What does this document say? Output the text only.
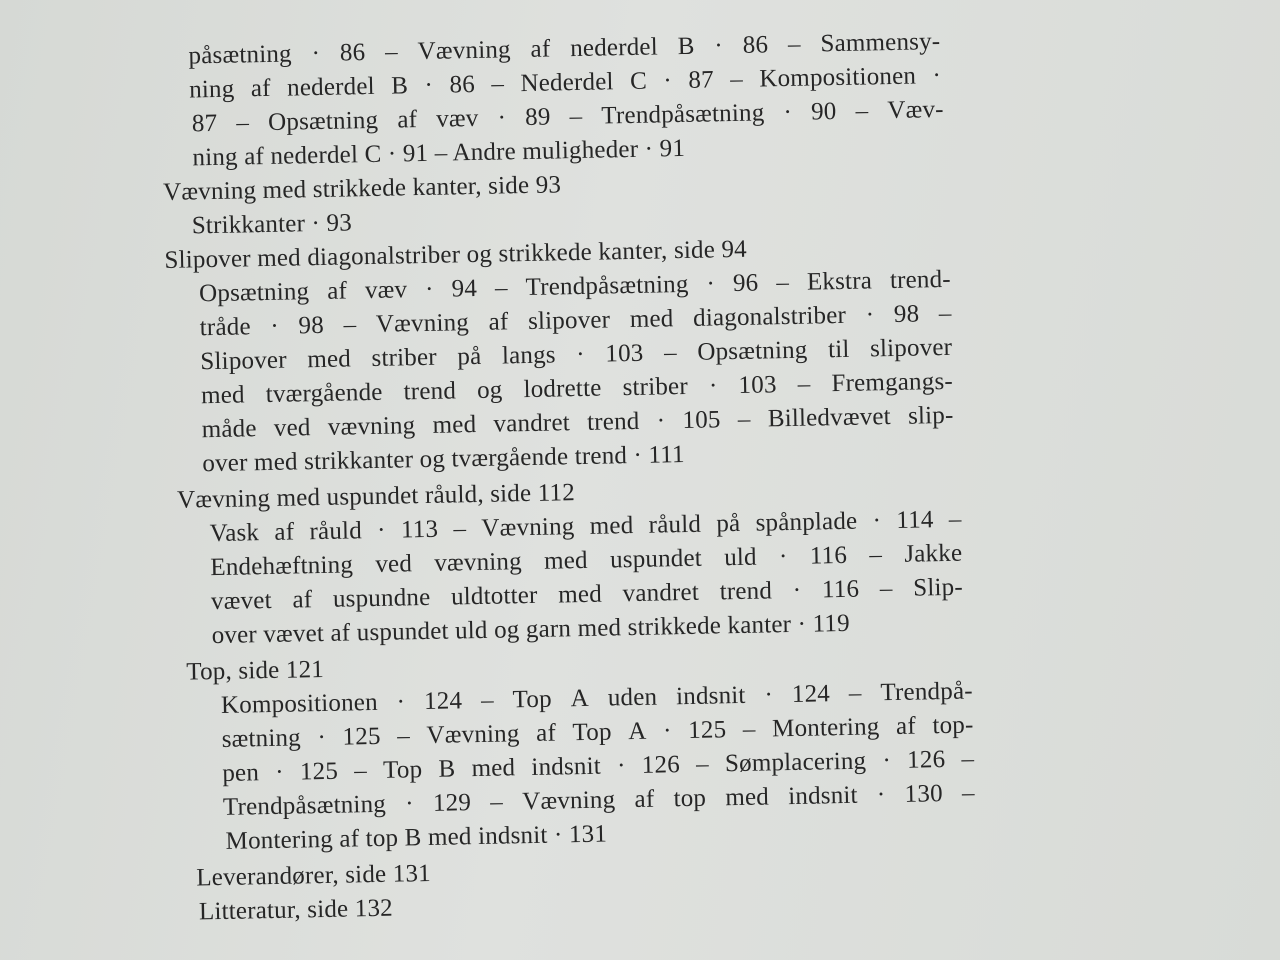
påsætning · 86 – Vævning af nederdel B · 86 – Sammensy-
ning af nederdel B · 86 – Nederdel C · 87 – Kompositionen ·
87 – Opsætning af væv · 89 – Trendpåsætning · 90 – Væv-
ning af nederdel C · 91 – Andre muligheder · 91
Vævning med strikkede kanter, side 93
Strikkanter · 93
Slipover med diagonalstriber og strikkede kanter, side 94
Opsætning af væv · 94 – Trendpåsætning · 96 – Ekstra trend-
tråde · 98 – Vævning af slipover med diagonalstriber · 98 –
Slipover med striber på langs · 103 – Opsætning til slipover
med tværgående trend og lodrette striber · 103 – Fremgangs-
måde ved vævning med vandret trend · 105 – Billedvævet slip-
over med strikkanter og tværgående trend · 111
Vævning med uspundet råuld, side 112
Vask af råuld · 113 – Vævning med råuld på spånplade · 114 –
Endehæftning ved vævning med uspundet uld · 116 – Jakke
vævet af uspundne uldtotter med vandret trend · 116 – Slip-
over vævet af uspundet uld og garn med strikkede kanter · 119
Top, side 121
Kompositionen · 124 – Top A uden indsnit · 124 – Trendpå-
sætning · 125 – Vævning af Top A · 125 – Montering af top-
pen · 125 – Top B med indsnit · 126 – Sømplacering · 126 –
Trendpåsætning · 129 – Vævning af top med indsnit · 130 –
Montering af top B med indsnit · 131
Leverandører, side 131
Litteratur, side 132
